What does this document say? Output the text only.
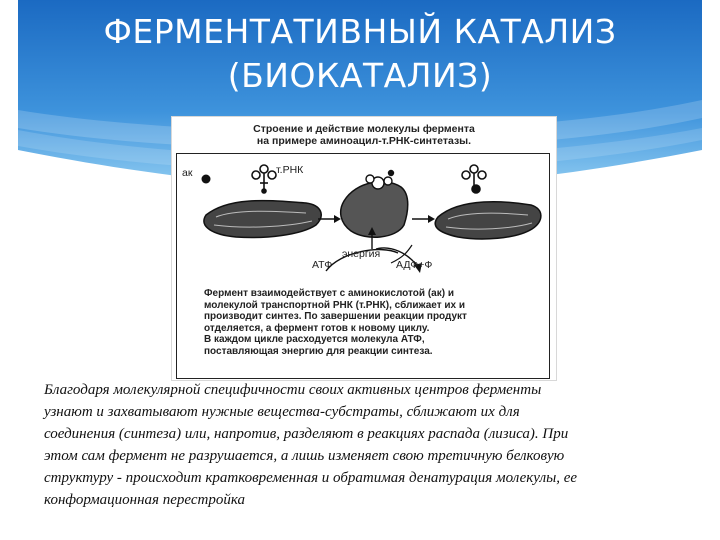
ФЕРМЕНТАТИВНЫЙ КАТАЛИЗ
(БИОКАТАЛИЗ)
Строение и действие молекулы фермента
на примере аминоацил-т.РНК-синтетазы.
ак	т.РНК
энергия
АТФ	АДФ+Ф
Фермент взаимодействует с аминокислотой (ак) и
молекулой транспортной РНК (т.РНК), сближает их и
производит синтез. По завершении реакции продукт
отделяется, а фермент готов к новому циклу.
В каждом цикле расходуется молекула АТФ,
поставляющая энергию для реакции синтеза.
Благодаря молекулярной специфичности своих активных центров ферменты
узнают и захватывают нужные вещества-субстраты, сближают их для
соединения (синтеза) или, напротив, разделяют в реакциях распада (лизиса). При
этом сам фермент не разрушается, а лишь изменяет свою третичную белковую
структуру - происходит кратковременная и обратимая денатурация молекулы, ее
конформационная перестройка
